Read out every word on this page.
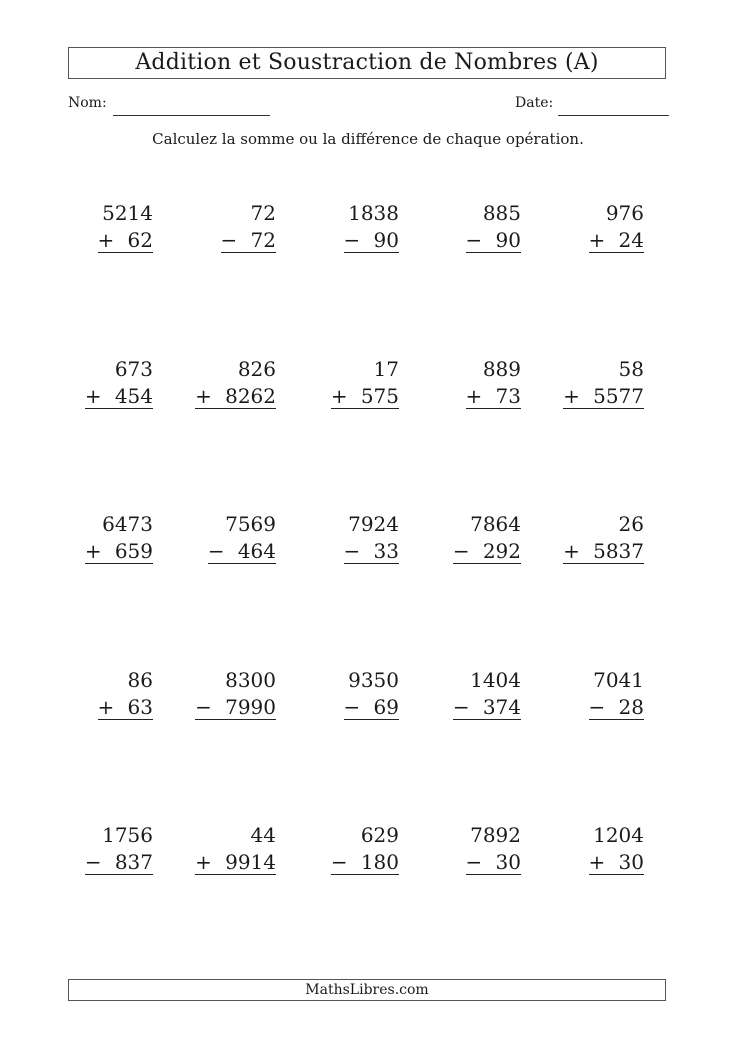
Addition et Soustraction de Nombres (A)
Nom:	Date:
Calculez la somme ou la différence de chaque opération.
5214
+ 62
72
− 72
1838
− 90
885
− 90
976
+ 24
673
+ 454
826
+ 8262
17
+ 575
889
+ 73
58
+ 5577
6473
+ 659
7569
− 464
7924
− 33
7864
− 292
26
+ 5837
86
+ 63
8300
− 7990
9350
− 69
1404
− 374
7041
− 28
1756
− 837
44
+ 9914
629
− 180
7892
− 30
1204
+ 30
MathsLibres.com
